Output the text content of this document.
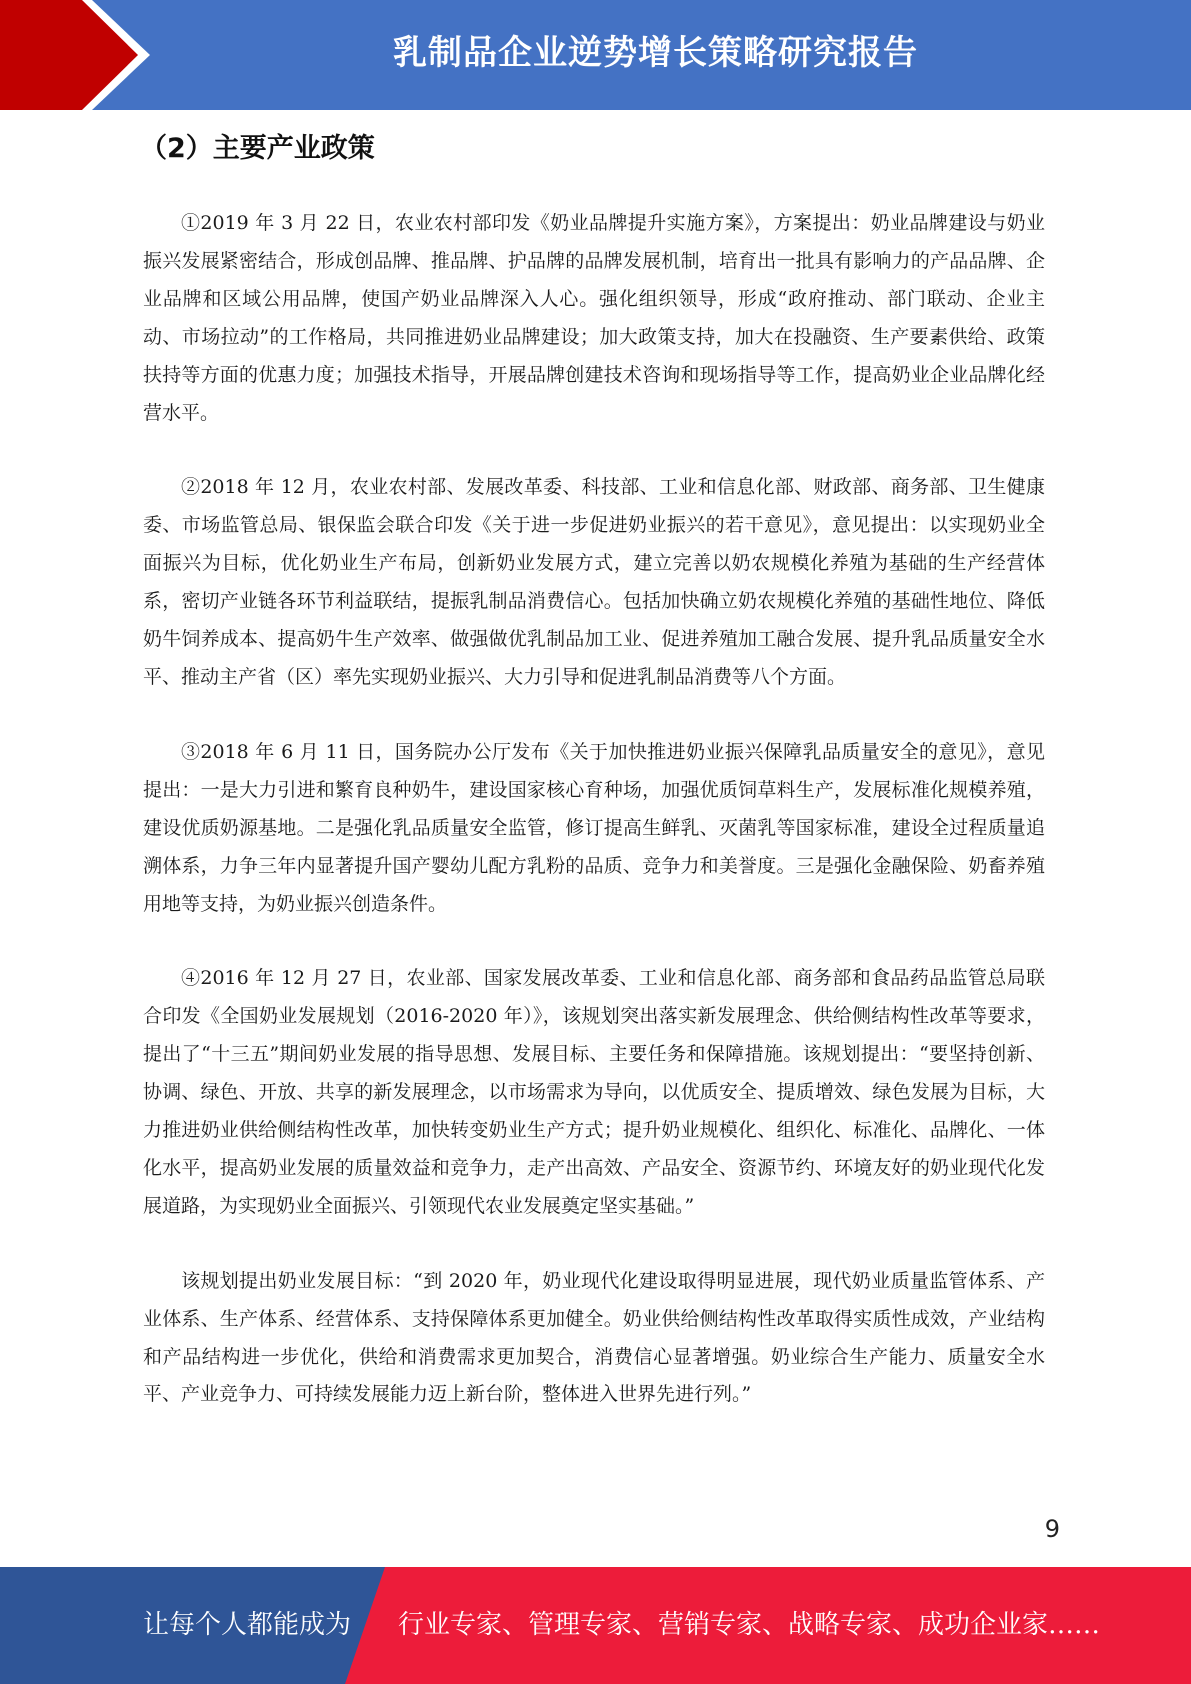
乳制品企业逆势增长策略研究报告
（2）主要产业政策

①2019 年 3 月 22 日，农业农村部印发《奶业品牌提升实施方案》，方案提出：奶业品牌建设与奶业振兴发展紧密结合，形成创品牌、推品牌、护品牌的品牌发展机制，培育出一批具有影响力的产品品牌、企业品牌和区域公用品牌，使国产奶业品牌深入人心。强化组织领导，形成“政府推动、部门联动、企业主动、市场拉动”的工作格局，共同推进奶业品牌建设；加大政策支持，加大在投融资、生产要素供给、政策扶持等方面的优惠力度；加强技术指导，开展品牌创建技术咨询和现场指导等工作，提高奶业企业品牌化经营水平。

②2018 年 12 月，农业农村部、发展改革委、科技部、工业和信息化部、财政部、商务部、卫生健康委、市场监管总局、银保监会联合印发《关于进一步促进奶业振兴的若干意见》，意见提出：以实现奶业全面振兴为目标，优化奶业生产布局，创新奶业发展方式，建立完善以奶农规模化养殖为基础的生产经营体系，密切产业链各环节利益联结，提振乳制品消费信心。包括加快确立奶农规模化养殖的基础性地位、降低奶牛饲养成本、提高奶牛生产效率、做强做优乳制品加工业、促进养殖加工融合发展、提升乳品质量安全水平、推动主产省（区）率先实现奶业振兴、大力引导和促进乳制品消费等八个方面。

③2018 年 6 月 11 日，国务院办公厅发布《关于加快推进奶业振兴保障乳品质量安全的意见》，意见提出：一是大力引进和繁育良种奶牛，建设国家核心育种场，加强优质饲草料生产，发展标准化规模养殖，建设优质奶源基地。二是强化乳品质量安全监管，修订提高生鲜乳、灭菌乳等国家标准，建设全过程质量追溯体系，力争三年内显著提升国产婴幼儿配方乳粉的品质、竞争力和美誉度。三是强化金融保险、奶畜养殖用地等支持，为奶业振兴创造条件。

④2016 年 12 月 27 日，农业部、国家发展改革委、工业和信息化部、商务部和食品药品监管总局联合印发《全国奶业发展规划（2016-2020 年）》，该规划突出落实新发展理念、供给侧结构性改革等要求，提出了“十三五”期间奶业发展的指导思想、发展目标、主要任务和保障措施。该规划提出：“要坚持创新、协调、绿色、开放、共享的新发展理念，以市场需求为导向，以优质安全、提质增效、绿色发展为目标，大力推进奶业供给侧结构性改革，加快转变奶业生产方式；提升奶业规模化、组织化、标准化、品牌化、一体化水平，提高奶业发展的质量效益和竞争力，走产出高效、产品安全、资源节约、环境友好的奶业现代化发展道路，为实现奶业全面振兴、引领现代农业发展奠定坚实基础。”

该规划提出奶业发展目标：“到 2020 年，奶业现代化建设取得明显进展，现代奶业质量监管体系、产业体系、生产体系、经营体系、支持保障体系更加健全。奶业供给侧结构性改革取得实质性成效，产业结构和产品结构进一步优化，供给和消费需求更加契合，消费信心显著增强。奶业综合生产能力、质量安全水平、产业竞争力、可持续发展能力迈上新台阶，整体进入世界先进行列。”

9
让每个人都能成为 行业专家、管理专家、营销专家、战略专家、成功企业家……
